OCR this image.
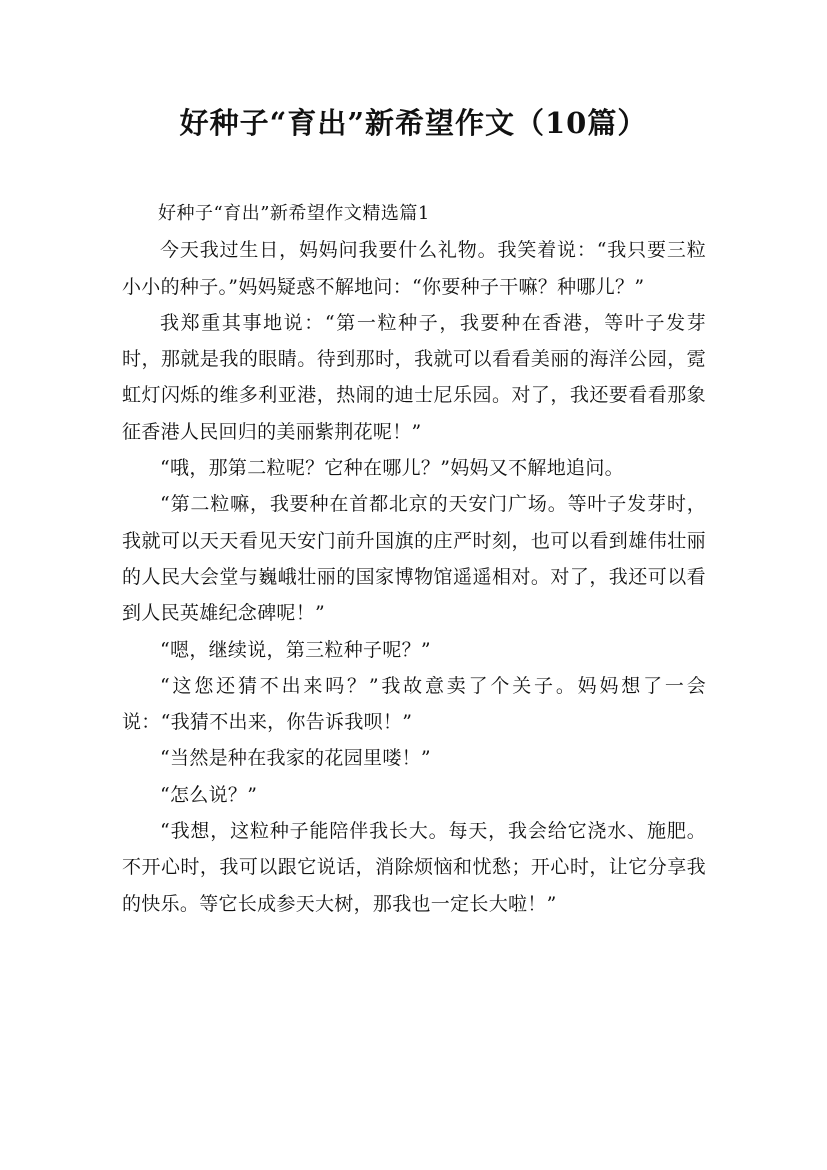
好种子“育出”新希望作文（10篇）

好种子“育出”新希望作文精选篇1

今天我过生日，妈妈问我要什么礼物。我笑着说：“我只要三粒小小的种子。”妈妈疑惑不解地问：“你要种子干嘛？种哪儿？”

我郑重其事地说：“第一粒种子，我要种在香港，等叶子发芽时，那就是我的眼睛。待到那时，我就可以看看美丽的海洋公园，霓虹灯闪烁的维多利亚港，热闹的迪士尼乐园。对了，我还要看看那象征香港人民回归的美丽紫荆花呢！”

“哦，那第二粒呢？它种在哪儿？”妈妈又不解地追问。

“第二粒嘛，我要种在首都北京的天安门广场。等叶子发芽时，我就可以天天看见天安门前升国旗的庄严时刻，也可以看到雄伟壮丽的人民大会堂与巍峨壮丽的国家博物馆遥遥相对。对了，我还可以看到人民英雄纪念碑呢！”

“嗯，继续说，第三粒种子呢？”

“这您还猜不出来吗？”我故意卖了个关子。妈妈想了一会说：“我猜不出来，你告诉我呗！”

“当然是种在我家的花园里喽！”

“怎么说？”

“我想，这粒种子能陪伴我长大。每天，我会给它浇水、施肥。不开心时，我可以跟它说话，消除烦恼和忧愁；开心时，让它分享我的快乐。等它长成参天大树，那我也一定长大啦！”
